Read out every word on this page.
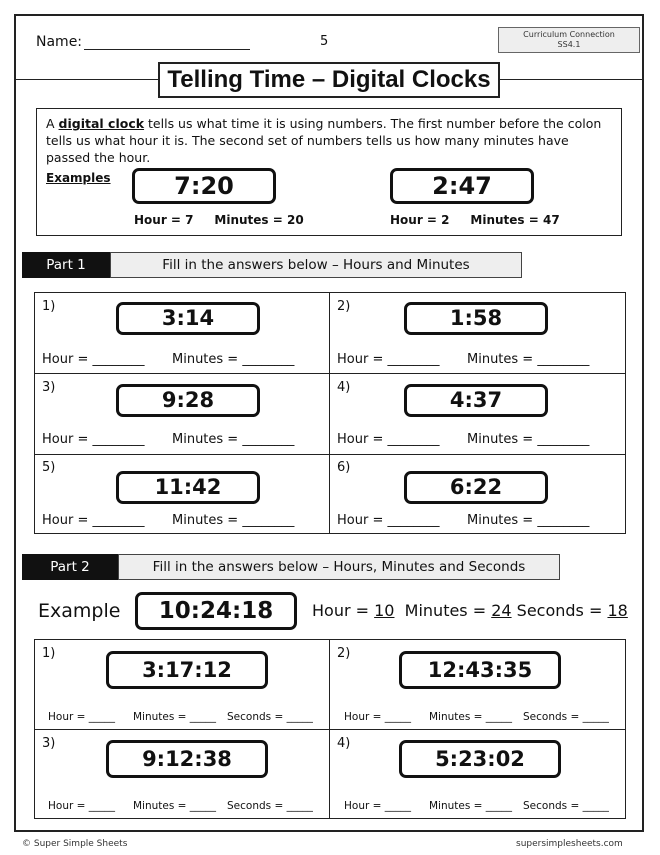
Name:	5	Curriculum Connection
SS4.1
Telling Time – Digital Clocks
A digital clock tells us what time it is using numbers. The first number before the colon tells us what hour it is. The second set of numbers tells us how many minutes have passed the hour.
Examples	7:20
Hour = 7     Minutes = 20
2:47
Hour = 2     Minutes = 47
Part 1	Fill in the answers below – Hours and Minutes
1)	3:14
Hour = ________ Minutes = ________
2)	1:58
Hour = ________ Minutes = ________
3)
9:28
Hour = ________ Minutes = ________
4)
4:37
Hour = ________ Minutes = ________
5)
11:42
Hour = ________ Minutes = ________
6)
6:22
Hour = ________ Minutes = ________
Part 2	Fill in the answers below – Hours, Minutes and Seconds
Example	10:24:18	Hour = 10  Minutes = 24 Seconds = 18
1)
3:17:12
Hour = _____ Minutes = _____ Seconds = _____
2)
12:43:35
Hour = _____ Minutes = _____ Seconds = _____
3)
9:12:38
Hour = _____ Minutes = _____ Seconds = _____
4)
5:23:02
Hour = _____ Minutes = _____ Seconds = _____
© Super Simple Sheets	supersimplesheets.com
